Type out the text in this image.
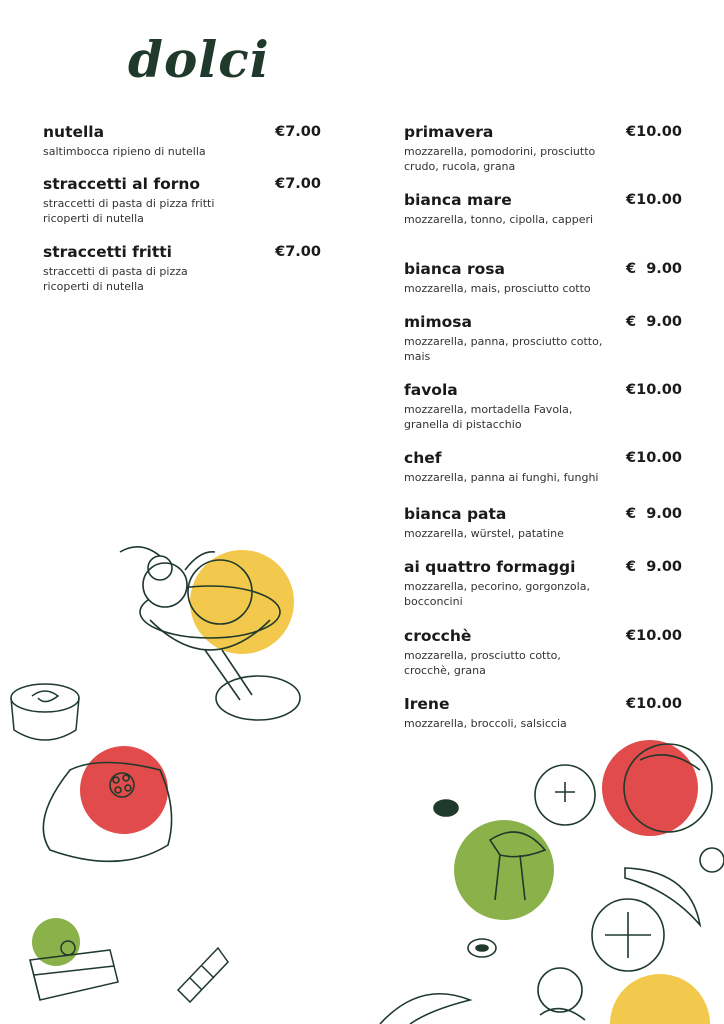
dolci
nutella	€7.00
saltimbocca ripieno di nutella
straccetti al forno	€7.00
straccetti di pasta di pizza fritti ricoperti di nutella
straccetti fritti	€7.00
straccetti di pasta di pizza ricoperti di nutella
primavera	€10.00
mozzarella, pomodorini, prosciutto crudo, rucola, grana
bianca mare	€10.00
mozzarella, tonno, cipolla, capperi
bianca rosa	€  9.00
mozzarella, mais, prosciutto cotto
mimosa	€  9.00
mozzarella, panna, prosciutto cotto, mais
favola	€10.00
mozzarella, mortadella Favola, granella di pistacchio
chef	€10.00
mozzarella, panna ai funghi, funghi
bianca pata	€  9.00
mozzarella, würstel, patatine
ai quattro formaggi	€  9.00
mozzarella, pecorino, gorgonzola, bocconcini
crocchè	€10.00
mozzarella, prosciutto cotto, crocchè, grana
Irene	€10.00
mozzarella, broccoli, salsiccia
